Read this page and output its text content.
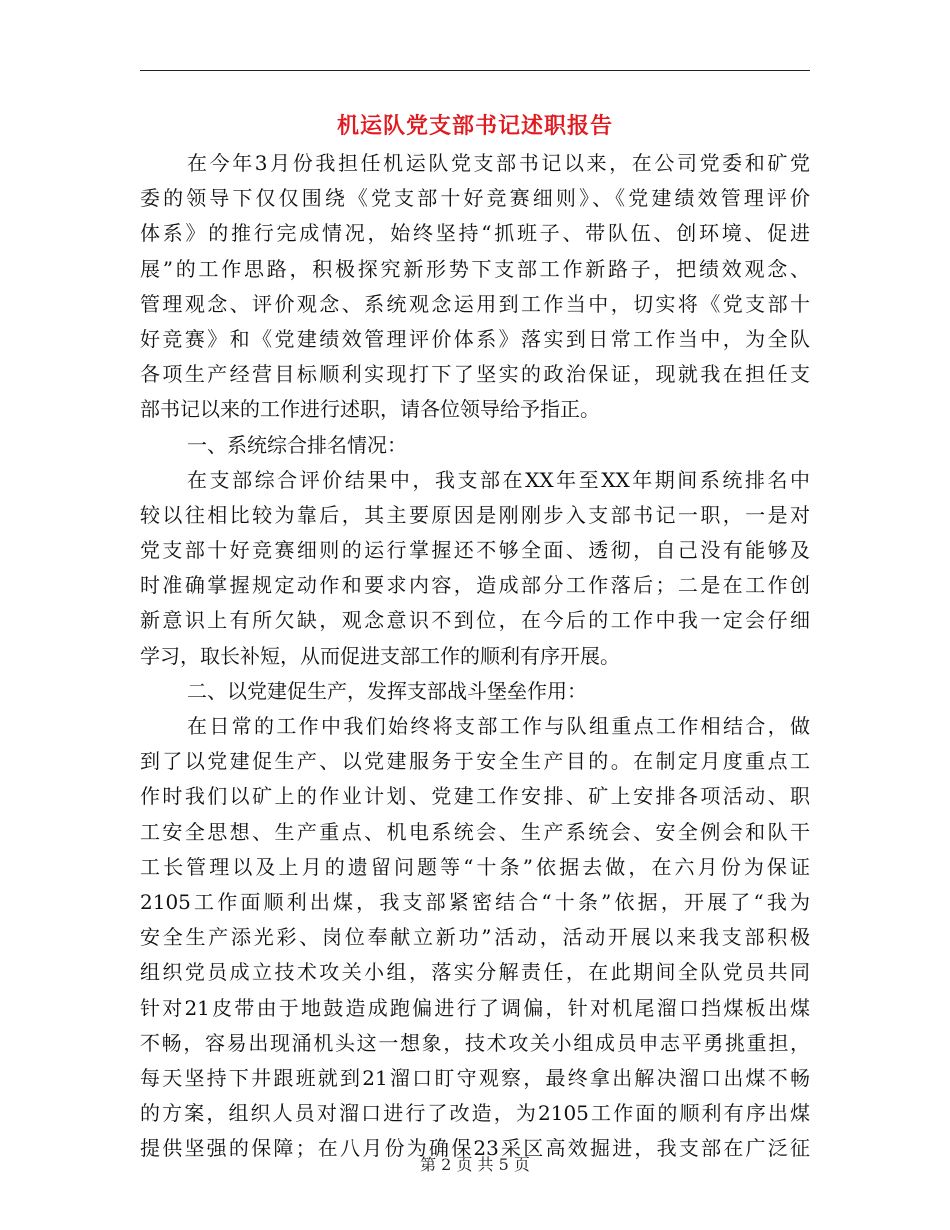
机运队党支部书记述职报告
在今年3月份我担任机运队党支部书记以来，在公司党委和矿党
委的领导下仅仅围绕《党支部十好竞赛细则》、《党建绩效管理评价
体系》的推行完成情况，始终坚持“抓班子、带队伍、创环境、促进
展”的工作思路，积极探究新形势下支部工作新路子，把绩效观念、
管理观念、评价观念、系统观念运用到工作当中，切实将《党支部十
好竞赛》和《党建绩效管理评价体系》落实到日常工作当中，为全队
各项生产经营目标顺利实现打下了坚实的政治保证，现就我在担任支
部书记以来的工作进行述职，请各位领导给予指正。
一、系统综合排名情况：
在支部综合评价结果中，我支部在XX年至XX年期间系统排名中
较以往相比较为靠后，其主要原因是刚刚步入支部书记一职，一是对
党支部十好竞赛细则的运行掌握还不够全面、透彻，自己没有能够及
时准确掌握规定动作和要求内容，造成部分工作落后；二是在工作创
新意识上有所欠缺，观念意识不到位，在今后的工作中我一定会仔细
学习，取长补短，从而促进支部工作的顺利有序开展。
二、以党建促生产，发挥支部战斗堡垒作用：
在日常的工作中我们始终将支部工作与队组重点工作相结合，做
到了以党建促生产、以党建服务于安全生产目的。在制定月度重点工
作时我们以矿上的作业计划、党建工作安排、矿上安排各项活动、职
工安全思想、生产重点、机电系统会、生产系统会、安全例会和队干
工长管理以及上月的遗留问题等“十条”依据去做，在六月份为保证
2105工作面顺利出煤，我支部紧密结合“十条”依据，开展了“我为
安全生产添光彩、岗位奉献立新功”活动，活动开展以来我支部积极
组织党员成立技术攻关小组，落实分解责任，在此期间全队党员共同
针对21皮带由于地鼓造成跑偏进行了调偏，针对机尾溜口挡煤板出煤
不畅，容易出现涌机头这一想象，技术攻关小组成员申志平勇挑重担，
每天坚持下井跟班就到21溜口盯守观察，最终拿出解决溜口出煤不畅
的方案，组织人员对溜口进行了改造，为2105工作面的顺利有序出煤
提供坚强的保障；在八月份为确保23采区高效掘进，我支部在广泛征
第 2 页 共 5 页
